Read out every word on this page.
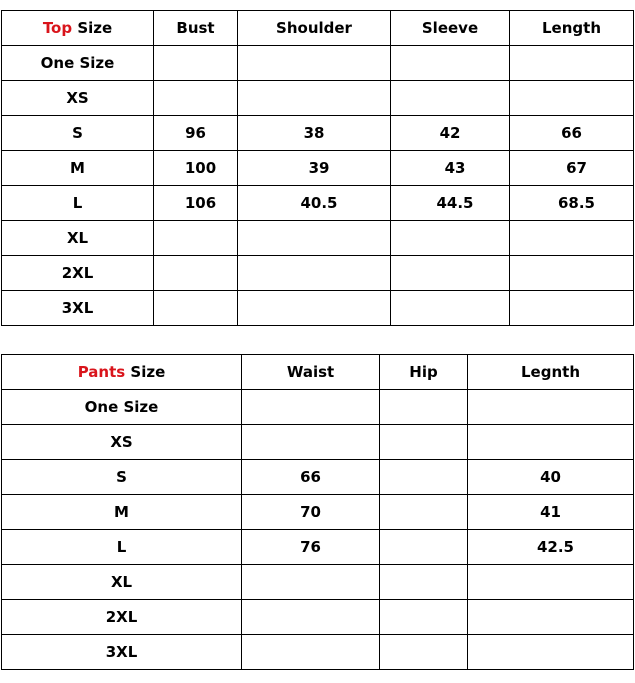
Top Size	Bust	Shoulder	Sleeve	Length
One Size				
XS				
S	96	38	42	66
M	100	39	43	67
L	106	40.5	44.5	68.5
XL				
2XL				
3XL				
Pants Size	Waist	Hip	Legnth
One Size			
XS			
S	66		40
M	70		41
L	76		42.5
XL			
2XL			
3XL			
